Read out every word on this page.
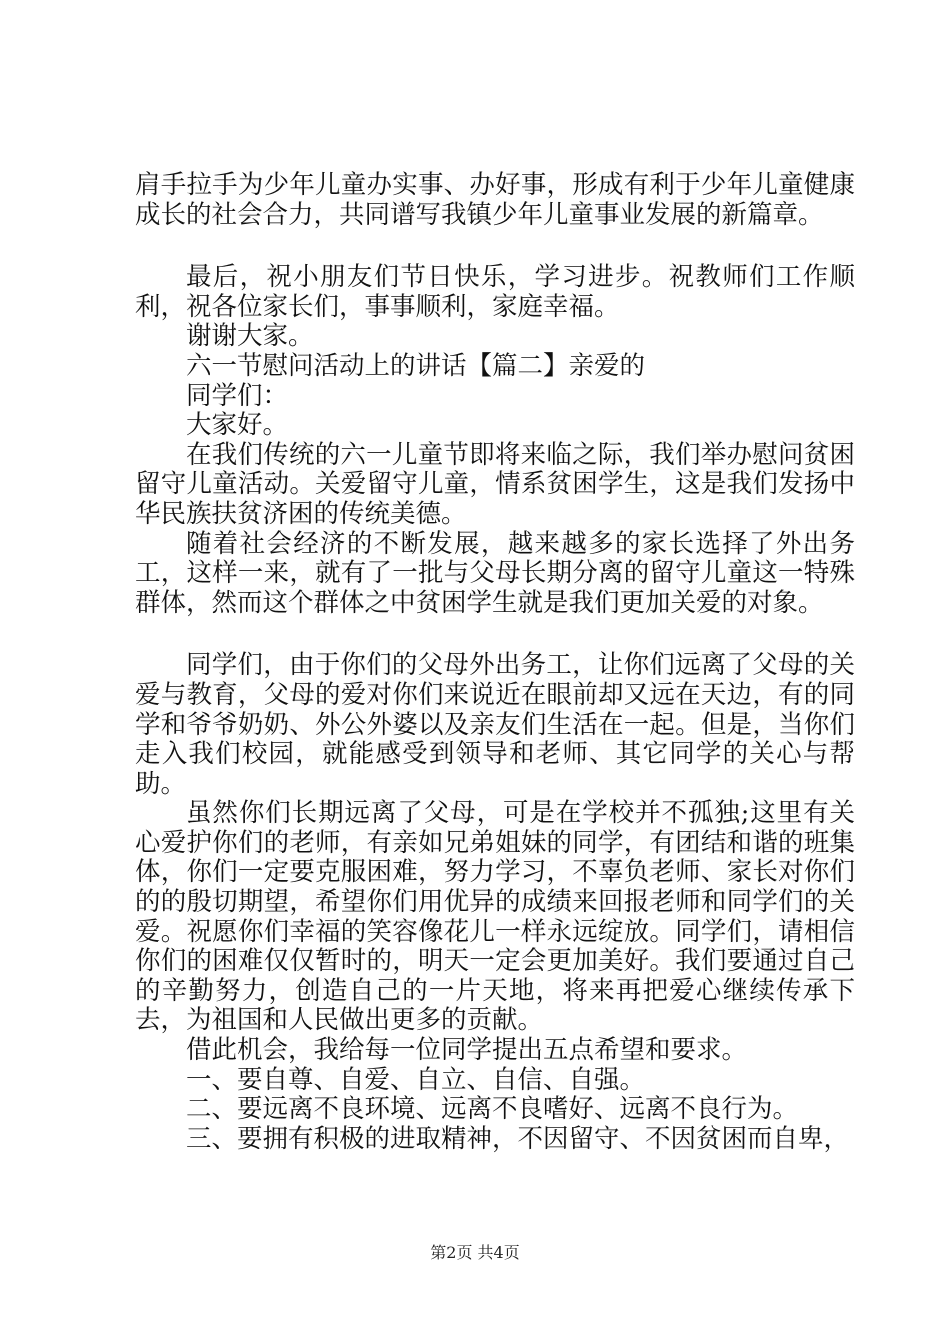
肩手拉手为少年儿童办实事、办好事，形成有利于少年儿童健康成长的社会合力，共同谱写我镇少年儿童事业发展的新篇章。

最后，祝小朋友们节日快乐，学习进步。祝教师们工作顺利，祝各位家长们，事事顺利，家庭幸福。

谢谢大家。

六一节慰问活动上的讲话【篇二】亲爱的

同学们：

大家好。

在我们传统的六一儿童节即将来临之际，我们举办慰问贫困留守儿童活动。关爱留守儿童，情系贫困学生，这是我们发扬中华民族扶贫济困的传统美德。

随着社会经济的不断发展，越来越多的家长选择了外出务工，这样一来，就有了一批与父母长期分离的留守儿童这一特殊群体，然而这个群体之中贫困学生就是我们更加关爱的对象。

同学们，由于你们的父母外出务工，让你们远离了父母的关爱与教育，父母的爱对你们来说近在眼前却又远在天边，有的同学和爷爷奶奶、外公外婆以及亲友们生活在一起。但是，当你们走入我们校园，就能感受到领导和老师、其它同学的关心与帮助。

虽然你们长期远离了父母，可是在学校并不孤独;这里有关心爱护你们的老师，有亲如兄弟姐妹的同学，有团结和谐的班集体，你们一定要克服困难，努力学习，不辜负老师、家长对你们的的殷切期望，希望你们用优异的成绩来回报老师和同学们的关爱。祝愿你们幸福的笑容像花儿一样永远绽放。同学们，请相信你们的困难仅仅暂时的，明天一定会更加美好。我们要通过自己的辛勤努力，创造自己的一片天地，将来再把爱心继续传承下去，为祖国和人民做出更多的贡献。

借此机会，我给每一位同学提出五点希望和要求。

一、要自尊、自爱、自立、自信、自强。

二、要远离不良环境、远离不良嗜好、远离不良行为。

三、要拥有积极的进取精神，不因留守、不因贫困而自卑，

第2页 共4页
